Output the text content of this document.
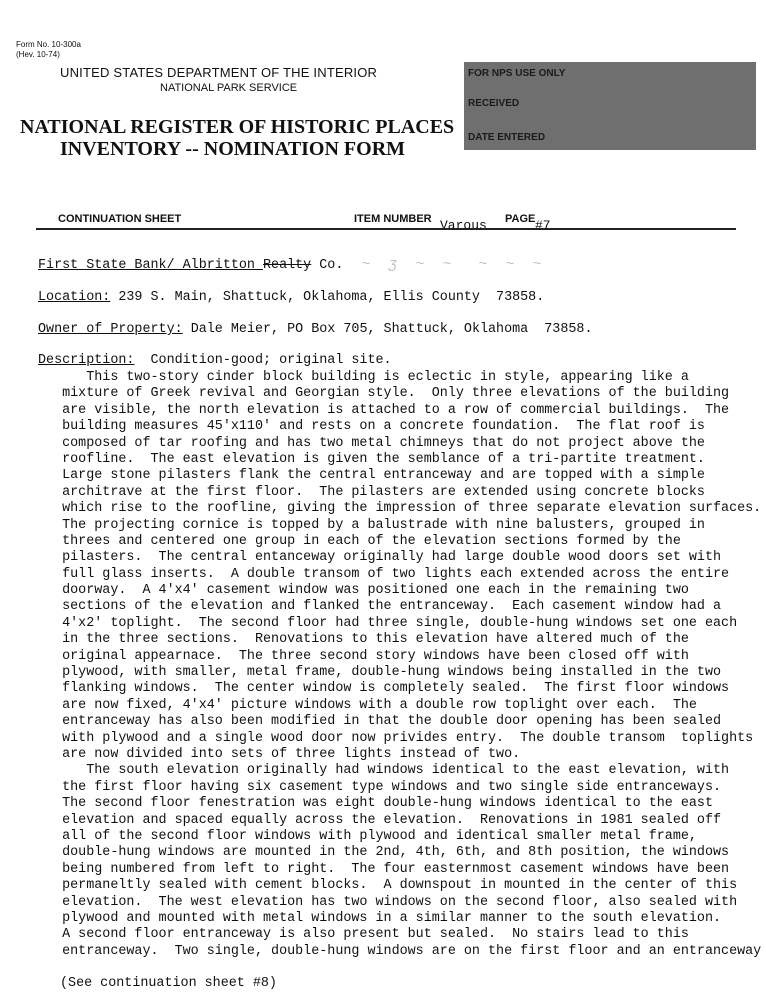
Form No. 10-300a
(Hev. 10-74)
UNITED STATES DEPARTMENT OF THE INTERIOR
NATIONAL PARK SERVICE
NATIONAL REGISTER OF HISTORIC PLACES
INVENTORY -- NOMINATION FORM
FOR NPS USE ONLY
RECEIVED
DATE ENTERED
CONTINUATION SHEET	ITEM NUMBER Varous PAGE #7
First State Bank/ Albritton Realty Co.  ~  ʒ  ~  ~   ~  ~  ~
Location: 239 S. Main, Shattuck, Oklahoma, Ellis County  73858.
Owner of Property: Dale Meier, PO Box 705, Shattuck, Oklahoma  73858.
Description:  Condition-good; original site.
This two-story cinder block building is eclectic in style, appearing like a
mixture of Greek revival and Georgian style.  Only three elevations of the building
are visible, the north elevation is attached to a row of commercial buildings.  The
building measures 45'x110' and rests on a concrete foundation.  The flat roof is
composed of tar roofing and has two metal chimneys that do not project above the
roofline.  The east elevation is given the semblance of a tri-partite treatment.
Large stone pilasters flank the central entranceway and are topped with a simple
architrave at the first floor.  The pilasters are extended using concrete blocks
which rise to the roofline, giving the impression of three separate elevation surfaces.
The projecting cornice is topped by a balustrade with nine balusters, grouped in
threes and centered one group in each of the elevation sections formed by the
pilasters.  The central entanceway originally had large double wood doors set with
full glass inserts.  A double transom of two lights each extended across the entire
doorway.  A 4'x4' casement window was positioned one each in the remaining two
sections of the elevation and flanked the entranceway.  Each casement window had a
4'x2' toplight.  The second floor had three single, double-hung windows set one each
in the three sections.  Renovations to this elevation have altered much of the
original appearnace.  The three second story windows have been closed off with
plywood, with smaller, metal frame, double-hung windows being installed in the two
flanking windows.  The center window is completely sealed.  The first floor windows
are now fixed, 4'x4' picture windows with a double row toplight over each.  The
entranceway has also been modified in that the double door opening has been sealed
with plywood and a single wood door now privides entry.  The double transom  toplights
are now divided into sets of three lights instead of two.
The south elevation originally had windows identical to the east elevation, with
the first floor having six casement type windows and two single side entranceways.
The second floor fenestration was eight double-hung windows identical to the east
elevation and spaced equally across the elevation.  Renovations in 1981 sealed off
all of the second floor windows with plywood and identical smaller metal frame,
double-hung windows are mounted in the 2nd, 4th, 6th, and 8th position, the windows
being numbered from left to right.  The four easternmost casement windows have been
permaneltly sealed with cement blocks.  A downspout in mounted in the center of this
elevation.  The west elevation has two windows on the second floor, also sealed with
plywood and mounted with metal windows in a similar manner to the south elevation.
A second floor entranceway is also present but sealed.  No stairs lead to this
entranceway.  Two single, double-hung windows are on the first floor and an entranceway
(See continuation sheet #8)
